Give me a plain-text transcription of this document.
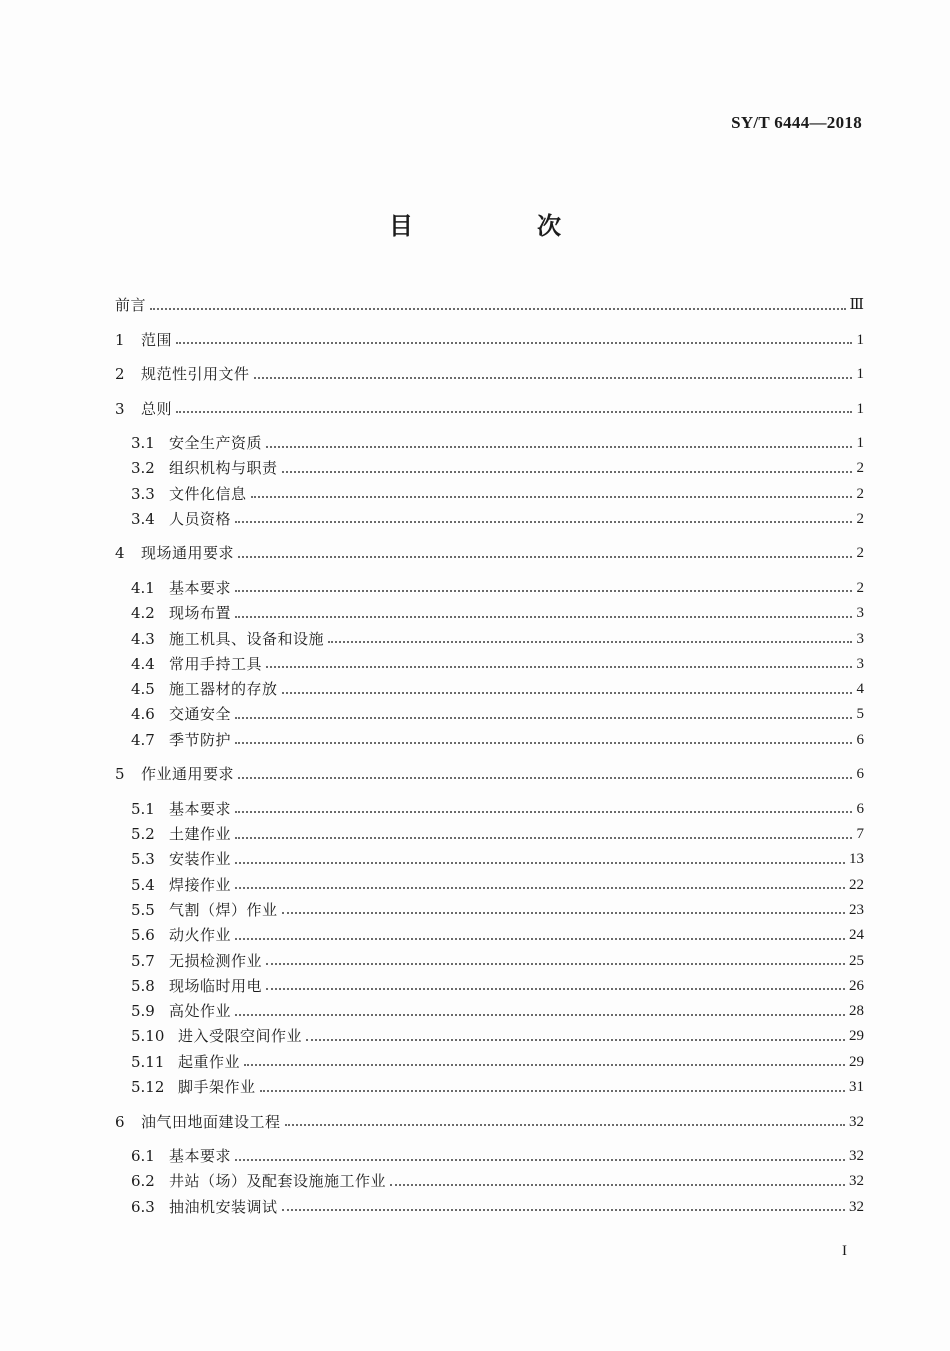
SY/T 6444—2018
目　次
前言	Ⅲ
1	范围	1
2	规范性引用文件	1
3	总则	1
3.1 安全生产资质	1
3.2 组织机构与职责	2
3.3 文件化信息	2
3.4 人员资格	2
4	现场通用要求	2
4.1 基本要求	2
4.2 现场布置	3
4.3 施工机具、设备和设施	3
4.4 常用手持工具	3
4.5 施工器材的存放	4
4.6 交通安全	5
4.7 季节防护	6
5	作业通用要求	6
5.1 基本要求	6
5.2 土建作业	7
5.3 安装作业	13
5.4 焊接作业	22
5.5 气割（焊）作业	23
5.6 动火作业	24
5.7 无损检测作业	25
5.8 现场临时用电	26
5.9 高处作业	28
5.10 进入受限空间作业	29
5.11 起重作业	29
5.12 脚手架作业	31
6	油气田地面建设工程	32
6.1 基本要求	32
6.2 井站（场）及配套设施施工作业	32
6.3 抽油机安装调试	32
I
